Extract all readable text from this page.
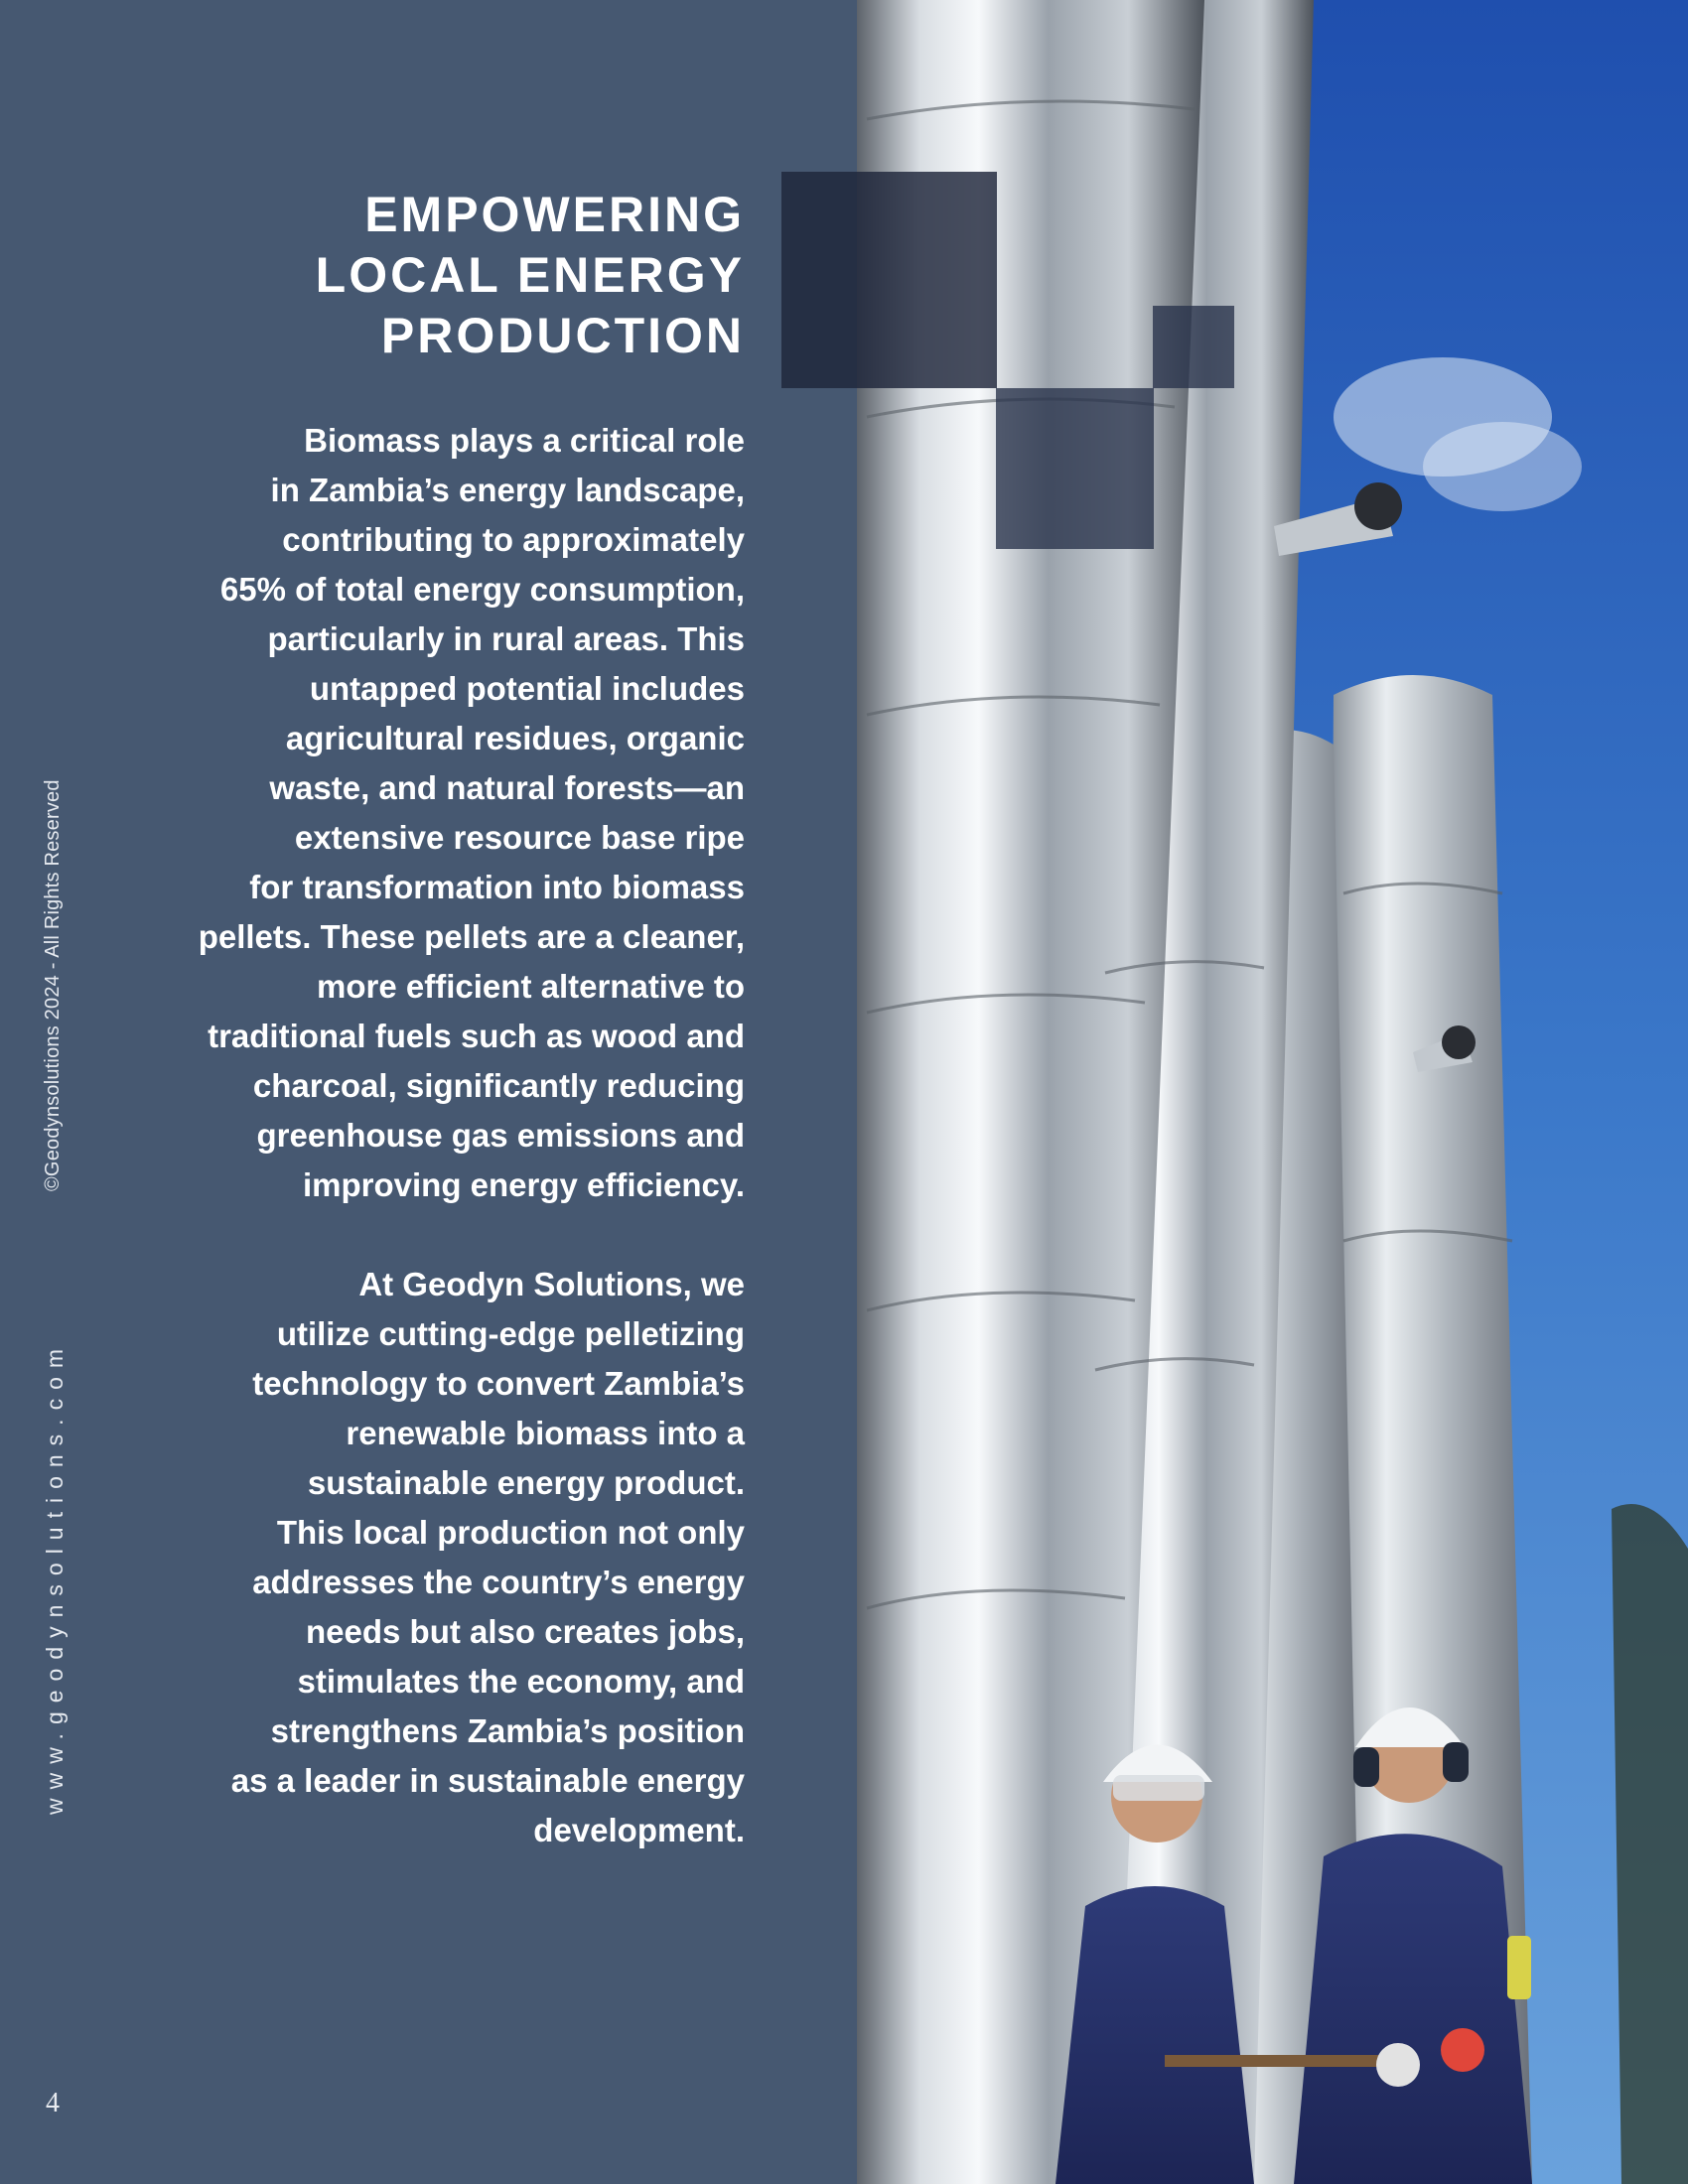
EMPOWERING
LOCAL ENERGY
PRODUCTION
Biomass plays a critical role
in Zambia’s energy landscape,
contributing to approximately
65% of total energy consumption,
particularly in rural areas. This
untapped potential includes
agricultural residues, organic
waste, and natural forests—an
extensive resource base ripe
for transformation into biomass
pellets. These pellets are a cleaner,
more efficient alternative to
traditional fuels such as wood and
charcoal, significantly reducing
greenhouse gas emissions and
improving energy efficiency.
At Geodyn Solutions, we
utilize cutting-edge pelletizing
technology to convert Zambia’s
renewable biomass into a
sustainable energy product.
This local production not only
addresses the country’s energy
needs but also creates jobs,
stimulates the economy, and
strengthens Zambia’s position
as a leader in sustainable energy
development.
©Geodynsolutions 2024 - All Rights Reserved
www.geodynsolutions.com
4
